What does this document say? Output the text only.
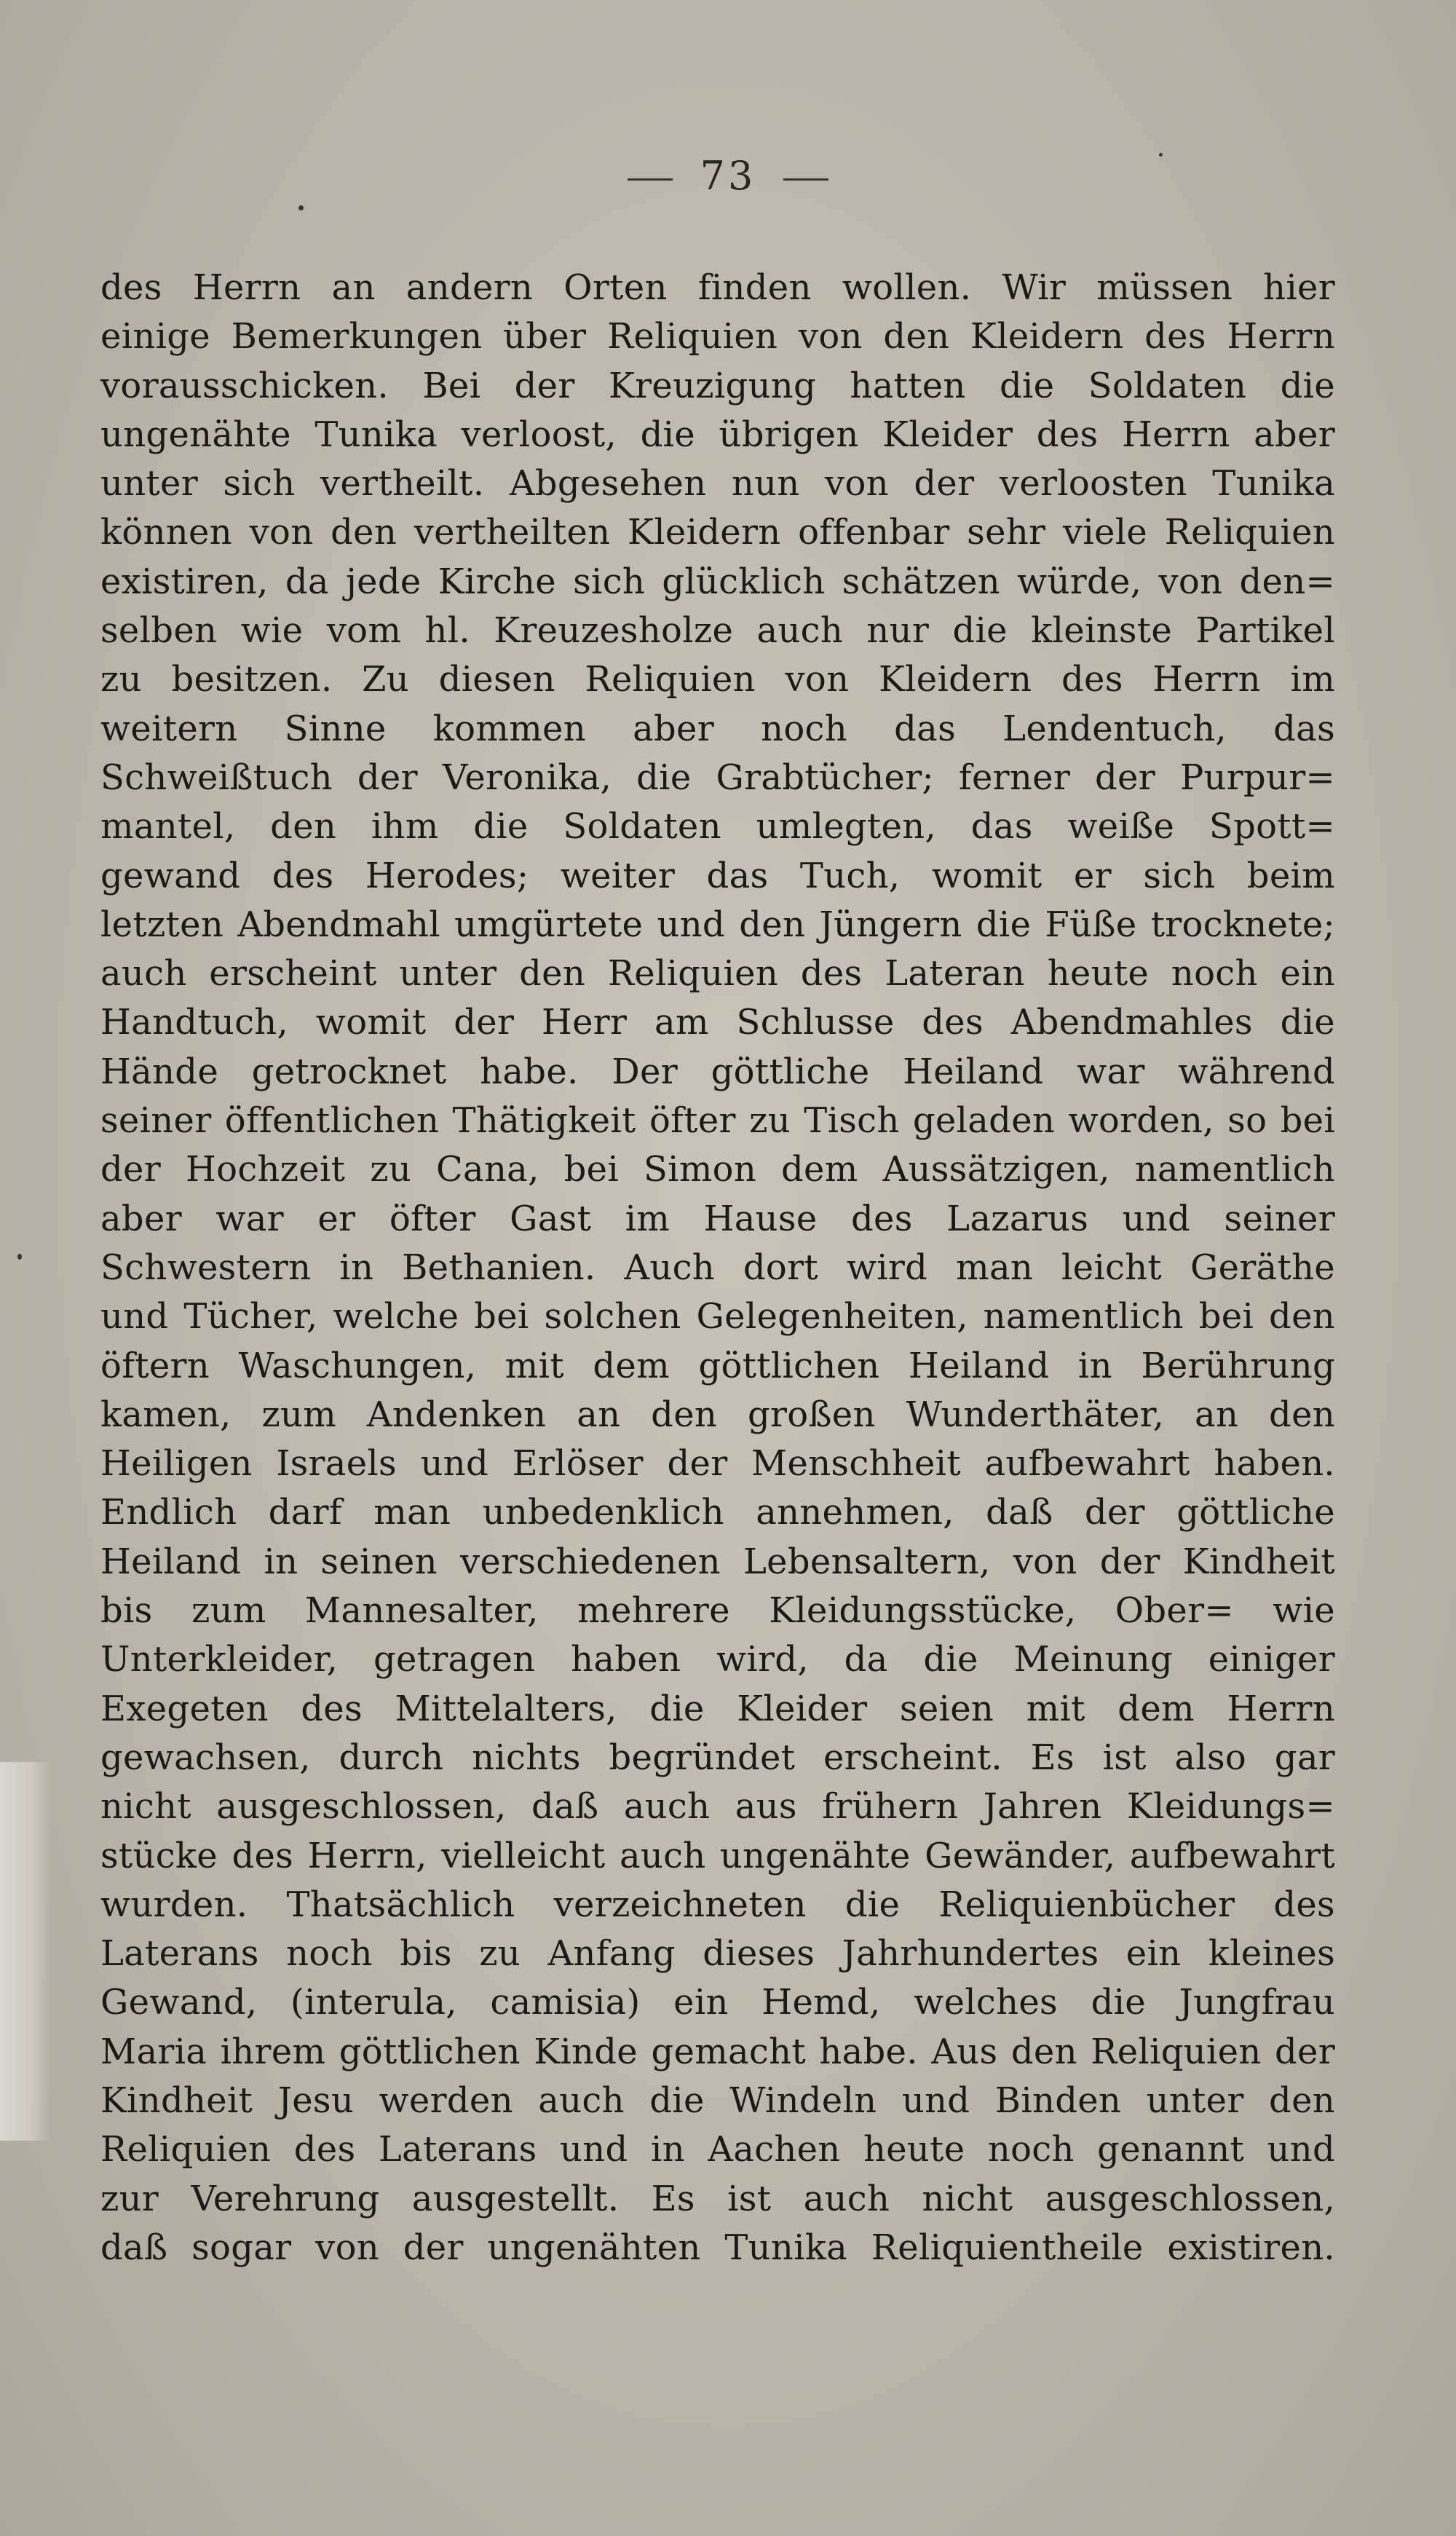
73
des Herrn an andern Orten finden wollen. Wir müssen hier
einige Bemerkungen über Reliquien von den Kleidern des Herrn
vorausschicken. Bei der Kreuzigung hatten die Soldaten die
ungenähte Tunika verloost, die übrigen Kleider des Herrn aber
unter sich vertheilt. Abgesehen nun von der verloosten Tunika
können von den vertheilten Kleidern offenbar sehr viele Reliquien
existiren, da jede Kirche sich glücklich schätzen würde, von den=
selben wie vom hl. Kreuzesholze auch nur die kleinste Partikel
zu besitzen. Zu diesen Reliquien von Kleidern des Herrn im
weitern Sinne kommen aber noch das Lendentuch, das
Schweißtuch der Veronika, die Grabtücher; ferner der Purpur=
mantel, den ihm die Soldaten umlegten, das weiße Spott=
gewand des Herodes; weiter das Tuch, womit er sich beim
letzten Abendmahl umgürtete und den Jüngern die Füße trocknete;
auch erscheint unter den Reliquien des Lateran heute noch ein
Handtuch, womit der Herr am Schlusse des Abendmahles die
Hände getrocknet habe. Der göttliche Heiland war während
seiner öffentlichen Thätigkeit öfter zu Tisch geladen worden, so bei
der Hochzeit zu Cana, bei Simon dem Aussätzigen, namentlich
aber war er öfter Gast im Hause des Lazarus und seiner
Schwestern in Bethanien. Auch dort wird man leicht Geräthe
und Tücher, welche bei solchen Gelegenheiten, namentlich bei den
öftern Waschungen, mit dem göttlichen Heiland in Berührung
kamen, zum Andenken an den großen Wunderthäter, an den
Heiligen Israels und Erlöser der Menschheit aufbewahrt haben.
Endlich darf man unbedenklich annehmen, daß der göttliche
Heiland in seinen verschiedenen Lebensaltern, von der Kindheit
bis zum Mannesalter, mehrere Kleidungsstücke, Ober= wie
Unterkleider, getragen haben wird, da die Meinung einiger
Exegeten des Mittelalters, die Kleider seien mit dem Herrn
gewachsen, durch nichts begründet erscheint. Es ist also gar
nicht ausgeschlossen, daß auch aus frühern Jahren Kleidungs=
stücke des Herrn, vielleicht auch ungenähte Gewänder, aufbewahrt
wurden. Thatsächlich verzeichneten die Reliquienbücher des
Laterans noch bis zu Anfang dieses Jahrhundertes ein kleines
Gewand, (interula, camisia) ein Hemd, welches die Jungfrau
Maria ihrem göttlichen Kinde gemacht habe. Aus den Reliquien der
Kindheit Jesu werden auch die Windeln und Binden unter den
Reliquien des Laterans und in Aachen heute noch genannt und
zur Verehrung ausgestellt. Es ist auch nicht ausgeschlossen,
daß sogar von der ungenähten Tunika Reliquientheile existiren.
